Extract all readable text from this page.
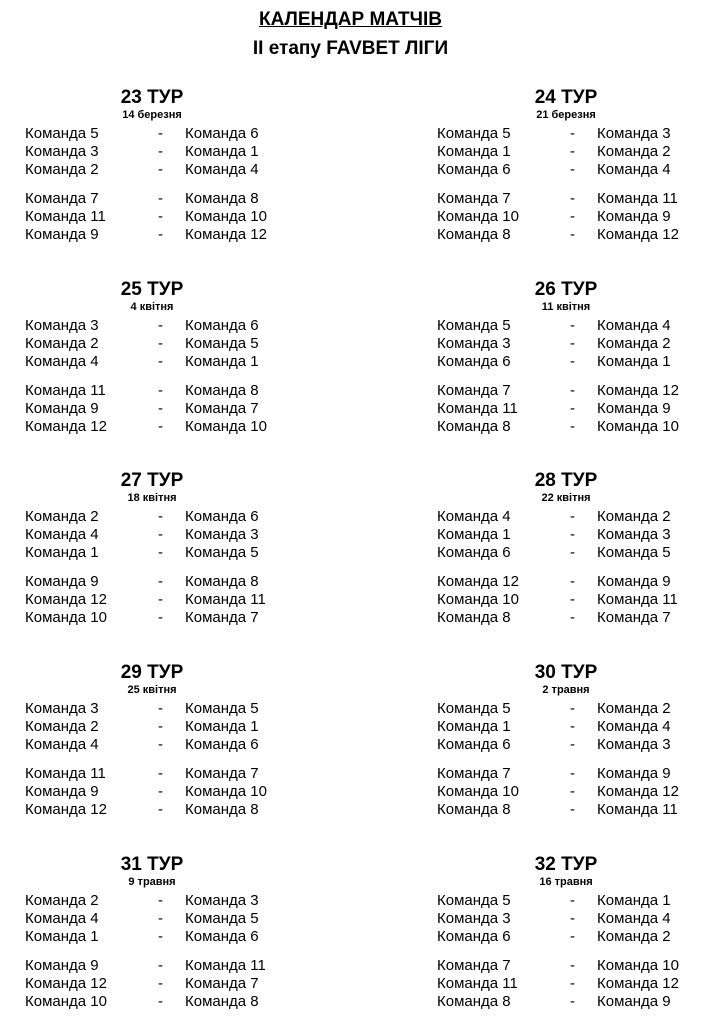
КАЛЕНДАР МАТЧІВ
ІІ етапу FAVBET ЛІГИ
23 ТУР
14 березня
Команда 5	- Команда 6
Команда 3	- Команда 1
Команда 2	- Команда 4
Команда 7	- Команда 8
Команда 11	- Команда 10
Команда 9	- Команда 12
24 ТУР
21 березня
Команда 5	- Команда 3
Команда 1	- Команда 2
Команда 6	- Команда 4
Команда 7	- Команда 11
Команда 10	- Команда 9
Команда 8	- Команда 12
25 ТУР
4 квітня
Команда 3	- Команда 6
Команда 2	- Команда 5
Команда 4	- Команда 1
Команда 11	- Команда 8
Команда 9	- Команда 7
Команда 12	- Команда 10
26 ТУР
11 квітня
Команда 5	- Команда 4
Команда 3	- Команда 2
Команда 6	- Команда 1
Команда 7	- Команда 12
Команда 11	- Команда 9
Команда 8	- Команда 10
27 ТУР
18 квітня
Команда 2	- Команда 6
Команда 4	- Команда 3
Команда 1	- Команда 5
Команда 9	- Команда 8
Команда 12	- Команда 11
Команда 10	- Команда 7
28 ТУР
22 квітня
Команда 4	- Команда 2
Команда 1	- Команда 3
Команда 6	- Команда 5
Команда 12	- Команда 9
Команда 10	- Команда 11
Команда 8	- Команда 7
29 ТУР
25 квітня
Команда 3	- Команда 5
Команда 2	- Команда 1
Команда 4	- Команда 6
Команда 11	- Команда 7
Команда 9	- Команда 10
Команда 12	- Команда 8
30 ТУР
2 травня
Команда 5	- Команда 2
Команда 1	- Команда 4
Команда 6	- Команда 3
Команда 7	- Команда 9
Команда 10	- Команда 12
Команда 8	- Команда 11
31 ТУР
9 травня
Команда 2	- Команда 3
Команда 4	- Команда 5
Команда 1	- Команда 6
Команда 9	- Команда 11
Команда 12	- Команда 7
Команда 10	- Команда 8
32 ТУР
16 травня
Команда 5	- Команда 1
Команда 3	- Команда 4
Команда 6	- Команда 2
Команда 7	- Команда 10
Команда 11	- Команда 12
Команда 8	- Команда 9
